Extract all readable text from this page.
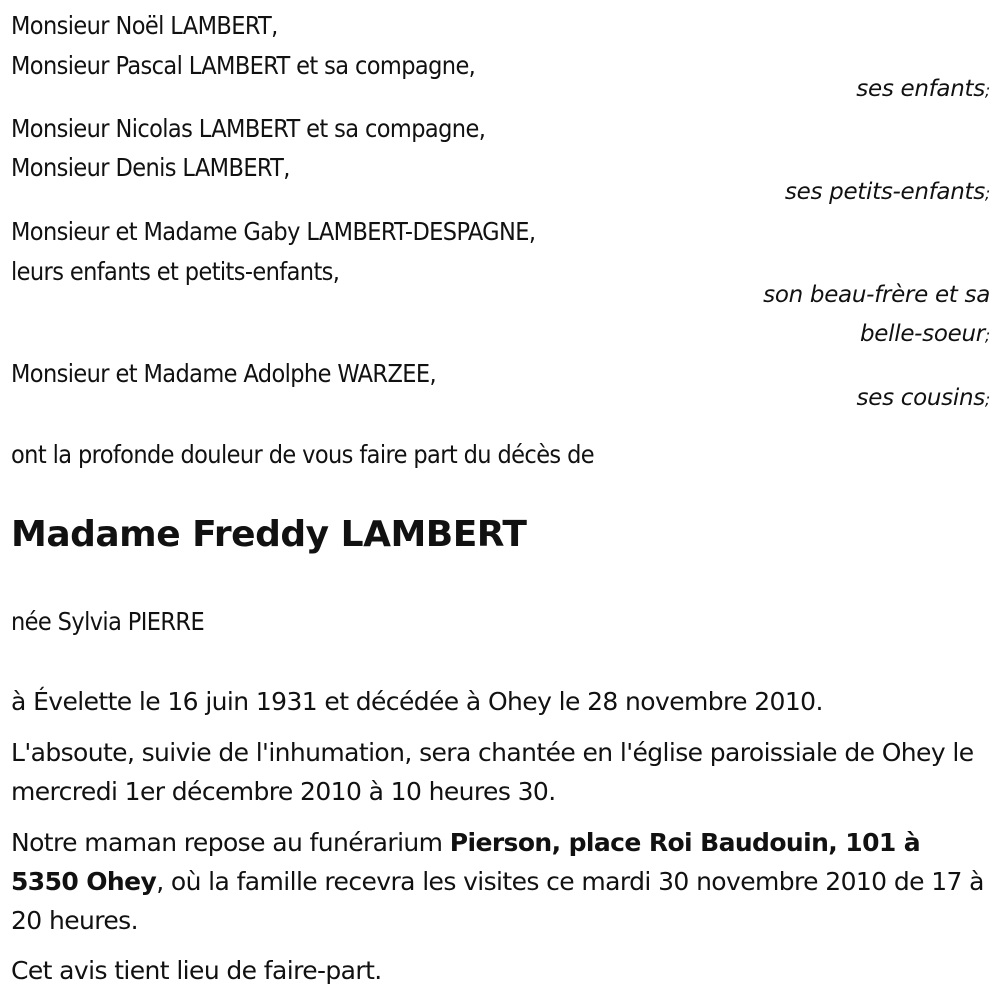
Monsieur Noël LAMBERT,
Monsieur Pascal LAMBERT et sa compagne,
ses enfants;
Monsieur Nicolas LAMBERT et sa compagne,
Monsieur Denis LAMBERT,
ses petits-enfants;
Monsieur et Madame Gaby LAMBERT-DESPAGNE,
leurs enfants et petits-enfants,
son beau-frère et sa
belle-soeur;
Monsieur et Madame Adolphe WARZEE,
ses cousins;
ont la profonde douleur de vous faire part du décès de
Madame Freddy LAMBERT
née Sylvia PIERRE
à Évelette le 16 juin 1931 et décédée à Ohey le 28 novembre 2010.
L'absoute, suivie de l'inhumation, sera chantée en l'église paroissiale de Ohey le mercredi 1er décembre 2010 à 10 heures 30.
Notre maman repose au funérarium Pierson, place Roi Baudouin, 101 à 5350 Ohey, où la famille recevra les visites ce mardi 30 novembre 2010 de 17 à 20 heures.
Cet avis tient lieu de faire-part.
